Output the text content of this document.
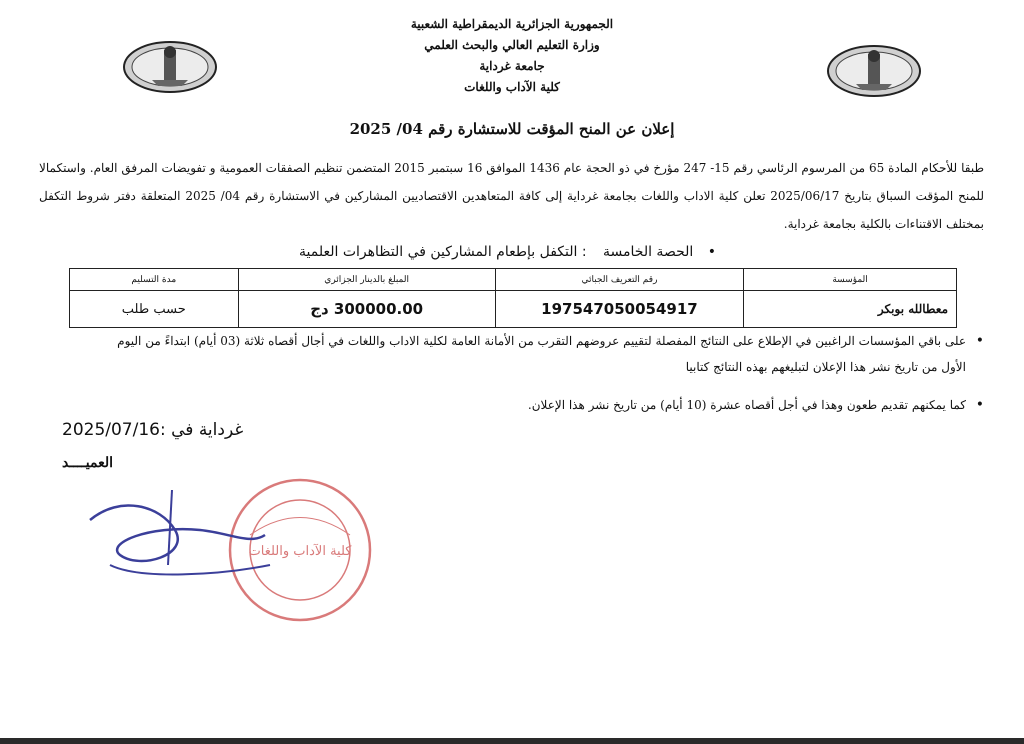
الجمهورية الجزائرية الديمقراطية الشعبية
وزارة التعليم العالي والبحث العلمي
جامعة غرداية
كلية الآداب واللغات
إعلان عن المنح المؤقت للاستشارة رقم 04/ 2025
طبقا للأحكام المادة 65 من المرسوم الرئاسي رقم 15- 247 مؤرخ في ذو الحجة عام 1436 الموافق 16 سبتمبر 2015 المتضمن تنظيم الصفقات العمومية و تفويضات المرفق العام. واستكمالا للمنح المؤقت السباق بتاريخ 2025/06/17 تعلن كلية الاداب واللغات بجامعة غرداية إلى كافة المتعاهدين الاقتصاديين المشاركين في الاستشارة رقم 04/ 2025 المتعلقة دفتر شروط التكفل بمختلف الاقتناءات بالكلية بجامعة غرداية.
• الحصة الخامسة : التكفل بإطعام المشاركين في التظاهرات العلمية
المؤسسة	رقم التعريف الجبائي	المبلغ بالدينار الجزائري	مدة التسليم
معطالله بوبكر	197547050054917	300000.00 دج	حسب طلب
• على باقي المؤسسات الراغبين في الإطلاع على النتائج المفصلة لتقييم عروضهم التقرب من الأمانة العامة لكلية الاداب واللغات في أجال أقصاه ثلاثة (03 أيام) ابتداءً من اليوم
الأول من تاريخ نشر هذا الإعلان لتبليغهم بهذه النتائج كتابيا
• كما يمكنهم تقديم طعون وهذا في أجل أقصاه عشرة (10 أيام) من تاريخ نشر هذا الإعلان.
غرداية في :2025/07/16
العميــــد
كلية الآداب واللغات
